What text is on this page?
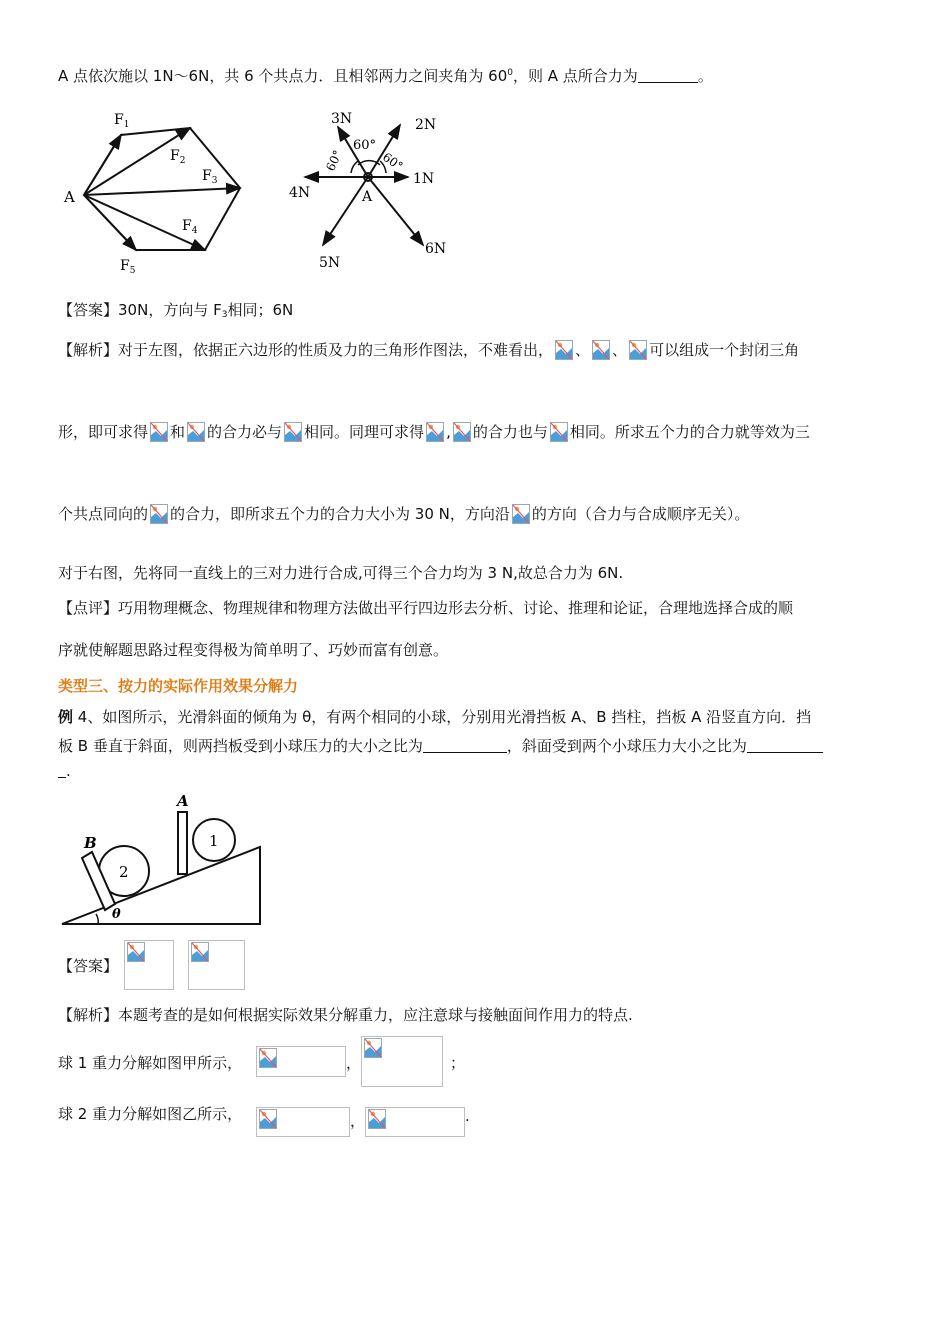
A 点依次施以 1N～6N，共 6 个共点力．且相邻两力之间夹角为 $60^0$，则 A 点所合力为	。
A
$F_1$
$F_2$
$F_3$
$F_4$
$F_5$
1N
2N
3N
4N
5N
6N
60°
60°	60°
A
【答案】30N，方向与 $F_3$相同；6N
【解析】对于左图，依据正六边形的性质及力的三角形作图法，不难看出， 、 、 可以组成一个封闭三角
形，即可求得 和 的合力必与 相同。同理可求得 , 的合力也与 相同。所求五个力的合力就等效为三
个共点同向的 的合力，即所求五个力的合力大小为 30 N，方向沿 的方向（合力与合成顺序无关）。
对于右图，先将同一直线上的三对力进行合成,可得三个合力均为 3 N,故总合力为 6N.
【点评】巧用物理概念、物理规律和物理方法做出平行四边形去分析、讨论、推理和论证，合理地选择合成的顺
序就使解题思路过程变得极为简单明了、巧妙而富有创意。
类型三、按力的实际作用效果分解力
例 4、如图所示，光滑斜面的倾角为 θ，有两个相同的小球，分别用光滑挡板 A、B 挡柱，挡板 A 沿竖直方向．挡
板 B 垂直于斜面，则两挡板受到小球压力的大小之比为	，斜面受到两个小球压力大小之比为
.
A
B	1
2
θ
【答案】
【解析】本题考查的是如何根据实际效果分解重力，应注意球与接触面间作用力的特点.
球 1 重力分解如图甲所示，	，	；
球 2 重力分解如图乙所示，	，	.
